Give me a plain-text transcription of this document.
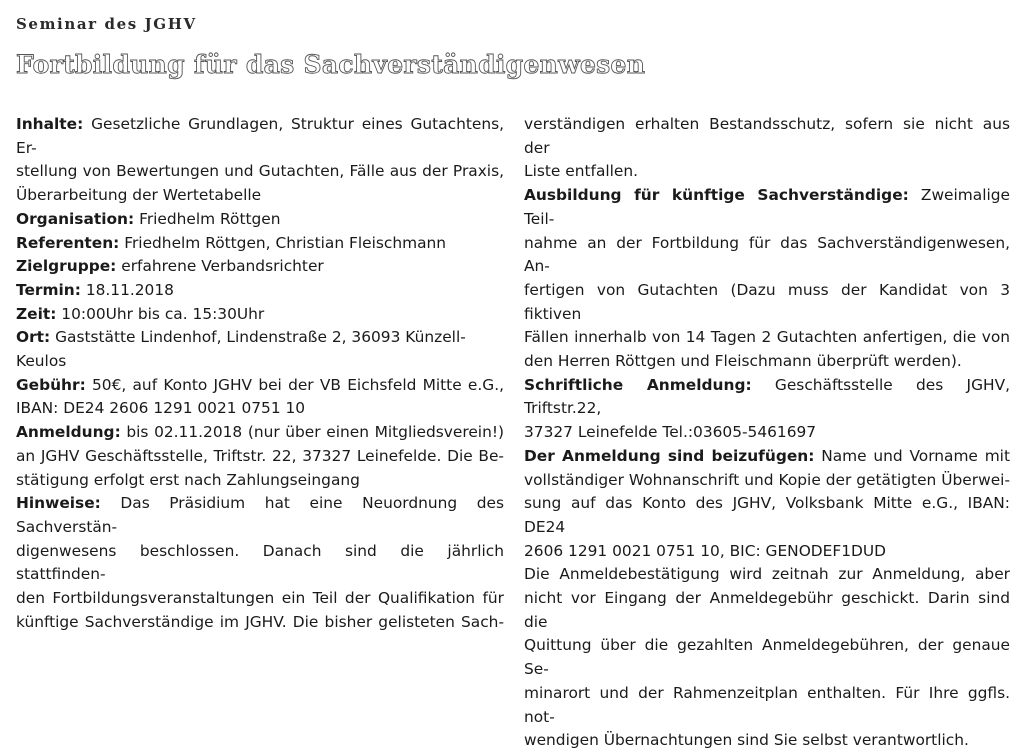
Seminar des JGHV
Fortbildung für das Sachverständigenwesen
Inhalte: Gesetzliche Grundlagen, Struktur eines Gutachtens, Er-
stellung von Bewertungen und Gutachten, Fälle aus der Praxis,
Überarbeitung der Wertetabelle
Organisation: Friedhelm Röttgen
Referenten: Friedhelm Röttgen, Christian Fleischmann
Zielgruppe: erfahrene Verbandsrichter
Termin: 18.11.2018
Zeit: 10:00Uhr bis ca. 15:30Uhr
Ort: Gaststätte Lindenhof, Lindenstraße 2, 36093 Künzell-Keulos
Gebühr: 50€, auf Konto JGHV bei der VB Eichsfeld Mitte e.G.,
IBAN: DE24 2606 1291 0021 0751 10
Anmeldung: bis 02.11.2018 (nur über einen Mitgliedsverein!)
an JGHV Geschäftsstelle, Triftstr. 22, 37327 Leinefelde. Die Be-
stätigung erfolgt erst nach Zahlungseingang
Hinweise: Das Präsidium hat eine Neuordnung des Sachverstän-
digenwesens beschlossen. Danach sind die jährlich stattfinden-
den Fortbildungsveranstaltungen ein Teil der Qualifikation für
künftige Sachverständige im JGHV. Die bisher gelisteten Sach-
verständigen erhalten Bestandsschutz, sofern sie nicht aus der
Liste entfallen.
Ausbildung für künftige Sachverständige: Zweimalige Teil-
nahme an der Fortbildung für das Sachverständigenwesen, An-
fertigen von Gutachten (Dazu muss der Kandidat von 3 fiktiven
Fällen innerhalb von 14 Tagen 2 Gutachten anfertigen, die von
den Herren Röttgen und Fleischmann überprüft werden).
Schriftliche Anmeldung: Geschäftsstelle des JGHV, Triftstr.22,
37327 Leinefelde Tel.:03605-5461697
Der Anmeldung sind beizufügen: Name und Vorname mit
vollständiger Wohnanschrift und Kopie der getätigten Überwei-
sung auf das Konto des JGHV, Volksbank Mitte e.G., IBAN: DE24
2606 1291 0021 0751 10, BIC: GENODEF1DUD
Die Anmeldebestätigung wird zeitnah zur Anmeldung, aber
nicht vor Eingang der Anmeldegebühr geschickt. Darin sind die
Quittung über die gezahlten Anmeldegebühren, der genaue Se-
minarort und der Rahmenzeitplan enthalten. Für Ihre ggfls. not-
wendigen Übernachtungen sind Sie selbst verantwortlich.
